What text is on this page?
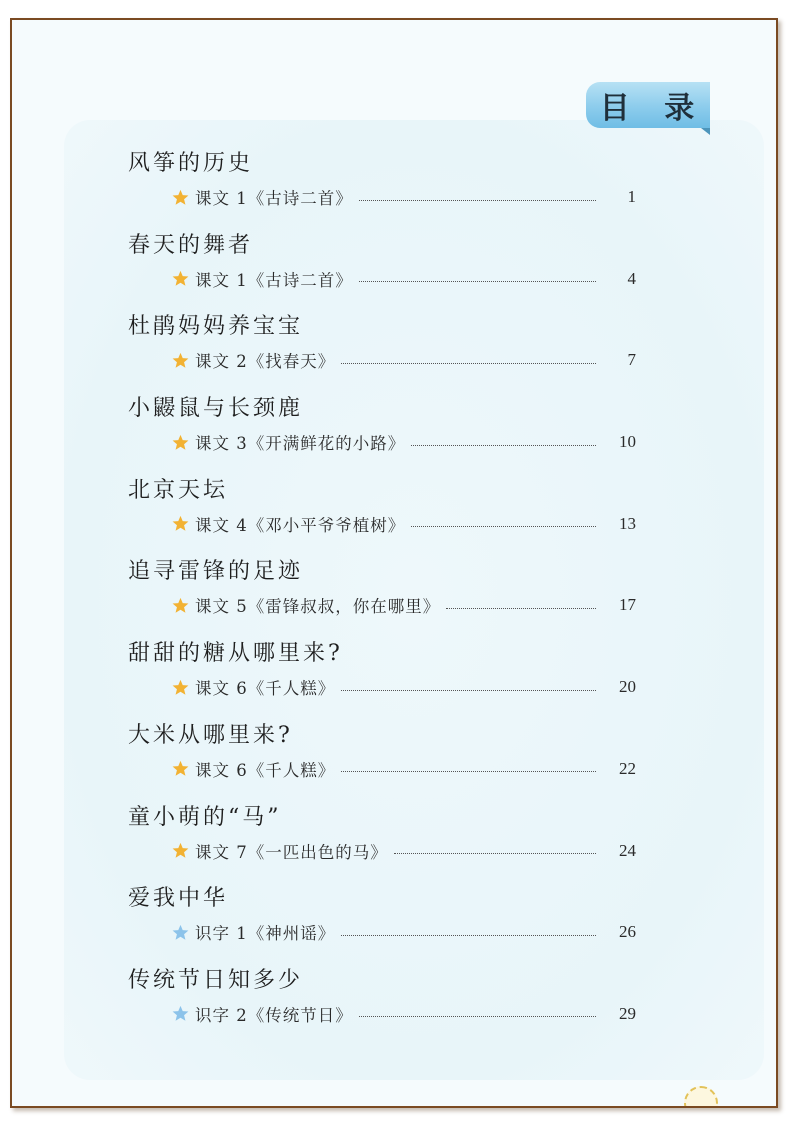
目 录
风筝的历史
课文 1《古诗二首》	1
春天的舞者
课文 1《古诗二首》	4
杜鹃妈妈养宝宝
课文 2《找春天》	7
小鼹鼠与长颈鹿
课文 3《开满鲜花的小路》	10
北京天坛
课文 4《邓小平爷爷植树》	13
追寻雷锋的足迹
课文 5《雷锋叔叔，你在哪里》	17
甜甜的糖从哪里来?
课文 6《千人糕》	20
大米从哪里来?
课文 6《千人糕》	22
童小萌的“马”
课文 7《一匹出色的马》	24
爱我中华
识字 1《神州谣》	26
传统节日知多少
识字 2《传统节日》	29
